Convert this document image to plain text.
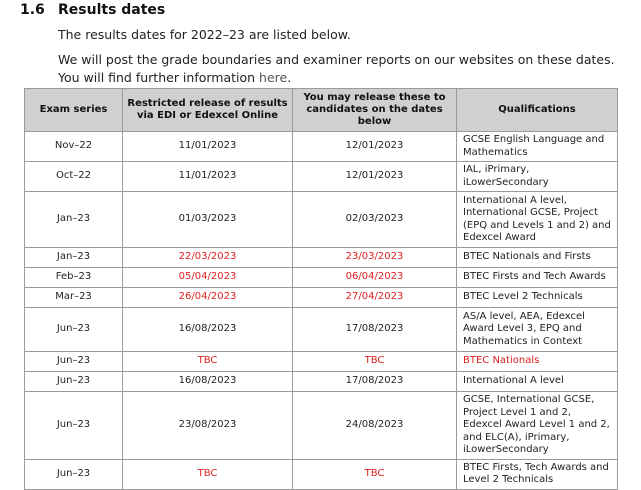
1.6 Results dates

The results dates for 2022–23 are listed below.

We will post the grade boundaries and examiner reports on our websites on these dates. You will find further information here.

Exam series	Restricted release of results via EDI or Edexcel Online	You may release these to candidates on the dates below	Qualifications
Nov–22	11/01/2023	12/01/2023	GCSE English Language and Mathematics
Oct–22	11/01/2023	12/01/2023	IAL, iPrimary, iLowerSecondary
Jan–23	01/03/2023	02/03/2023	International A level, International GCSE, Project (EPQ and Levels 1 and 2) and Edexcel Award
Jan–23	22/03/2023	23/03/2023	BTEC Nationals and Firsts
Feb–23	05/04/2023	06/04/2023	BTEC Firsts and Tech Awards
Mar–23	26/04/2023	27/04/2023	BTEC Level 2 Technicals
Jun–23	16/08/2023	17/08/2023	AS/A level, AEA, Edexcel Award Level 3, EPQ and Mathematics in Context
Jun–23	TBC	TBC	BTEC Nationals
Jun–23	16/08/2023	17/08/2023	International A level
Jun–23	23/08/2023	24/08/2023	GCSE, International GCSE, Project Level 1 and 2, Edexcel Award Level 1 and 2, and ELC(A), iPrimary, iLowerSecondary
Jun–23	TBC	TBC	BTEC Firsts, Tech Awards and Level 2 Technicals
